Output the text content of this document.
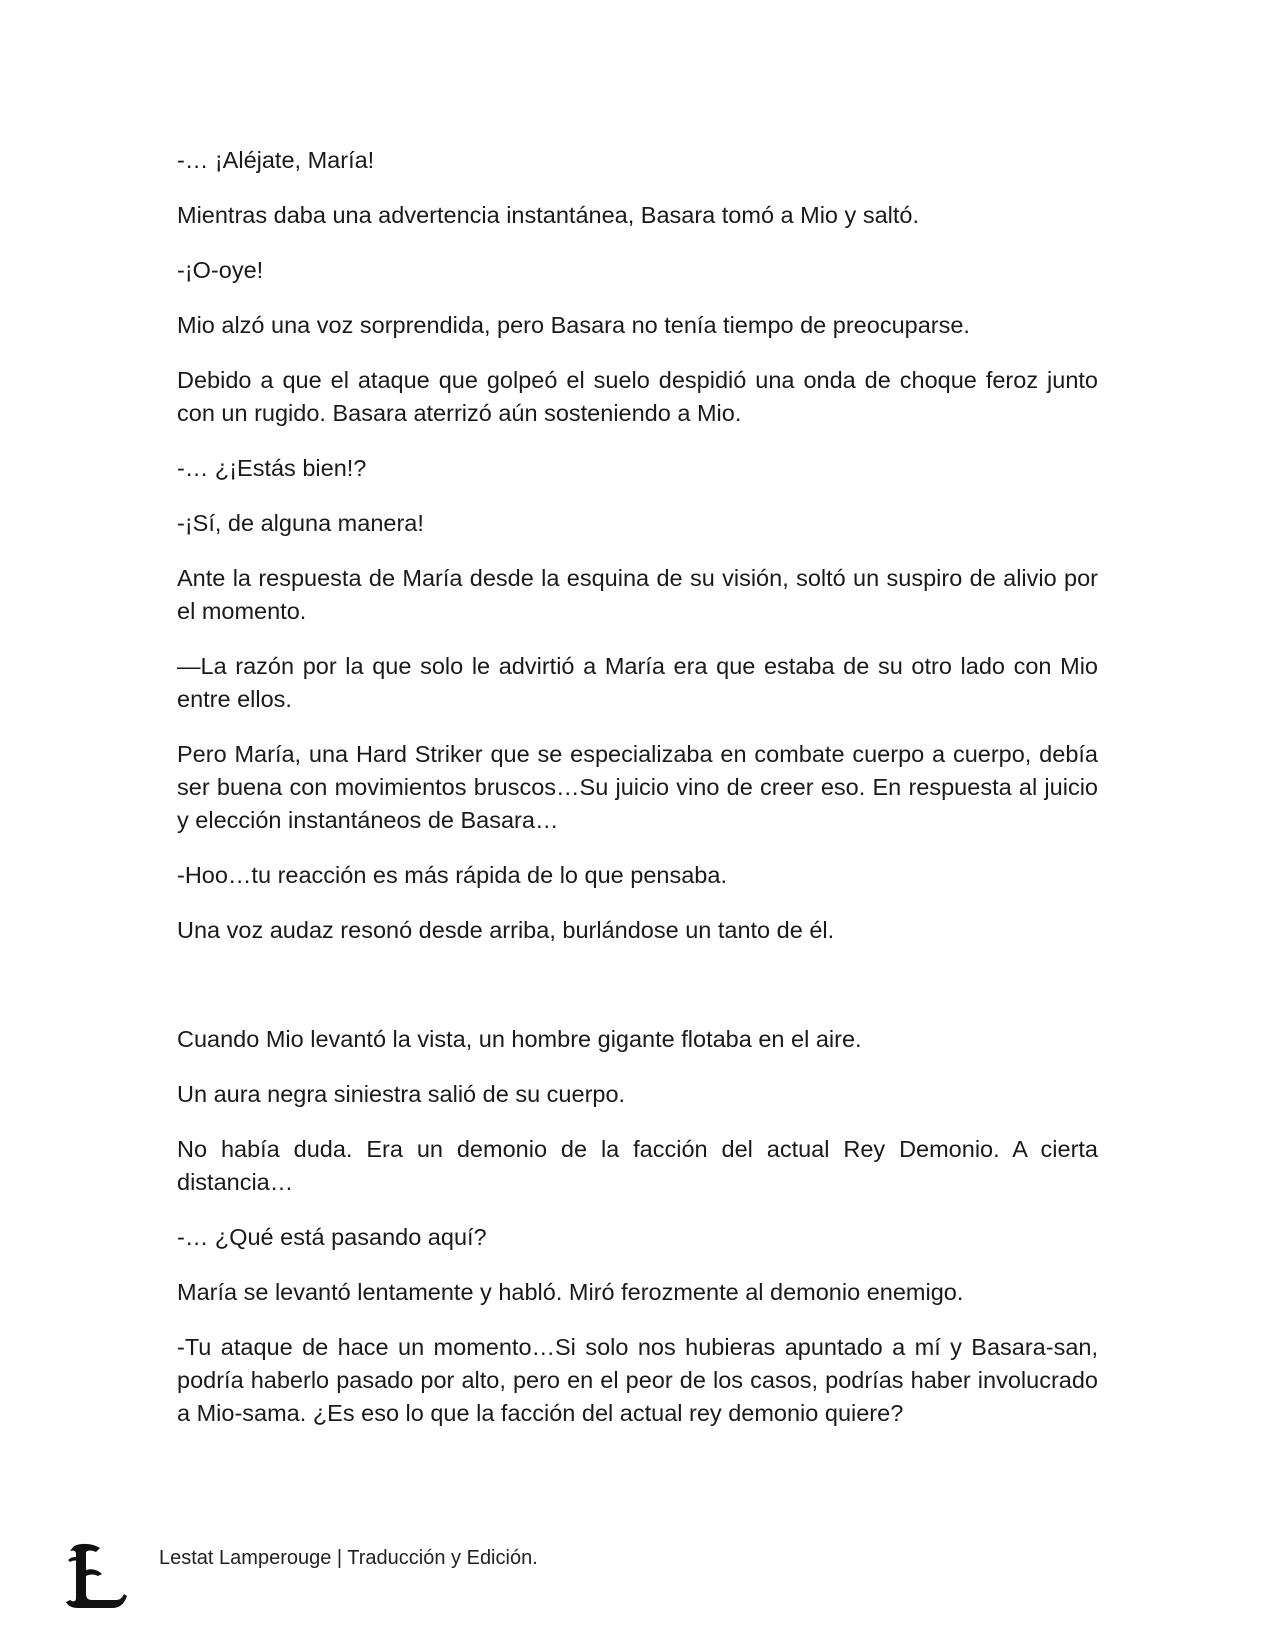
-… ¡Aléjate, María!

Mientras daba una advertencia instantánea, Basara tomó a Mio y saltó.

-¡O-oye!

Mio alzó una voz sorprendida, pero Basara no tenía tiempo de preocuparse.

Debido a que el ataque que golpeó el suelo despidió una onda de choque feroz junto con un rugido. Basara aterrizó aún sosteniendo a Mio.

-… ¿¡Estás bien!?

-¡Sí, de alguna manera!

Ante la respuesta de María desde la esquina de su visión, soltó un suspiro de alivio por el momento.

—La razón por la que solo le advirtió a María era que estaba de su otro lado con Mio entre ellos.

Pero María, una Hard Striker que se especializaba en combate cuerpo a cuerpo, debía ser buena con movimientos bruscos…Su juicio vino de creer eso. En respuesta al juicio y elección instantáneos de Basara…

-Hoo…tu reacción es más rápida de lo que pensaba.

Una voz audaz resonó desde arriba, burlándose un tanto de él.

Cuando Mio levantó la vista, un hombre gigante flotaba en el aire.

Un aura negra siniestra salió de su cuerpo.

No había duda. Era un demonio de la facción del actual Rey Demonio. A cierta distancia…

-… ¿Qué está pasando aquí?

María se levantó lentamente y habló. Miró ferozmente al demonio enemigo.

-Tu ataque de hace un momento…Si solo nos hubieras apuntado a mí y Basara-san, podría haberlo pasado por alto, pero en el peor de los casos, podrías haber involucrado a Mio-sama. ¿Es eso lo que la facción del actual rey demonio quiere?

Lestat Lamperouge | Traducción y Edición.
